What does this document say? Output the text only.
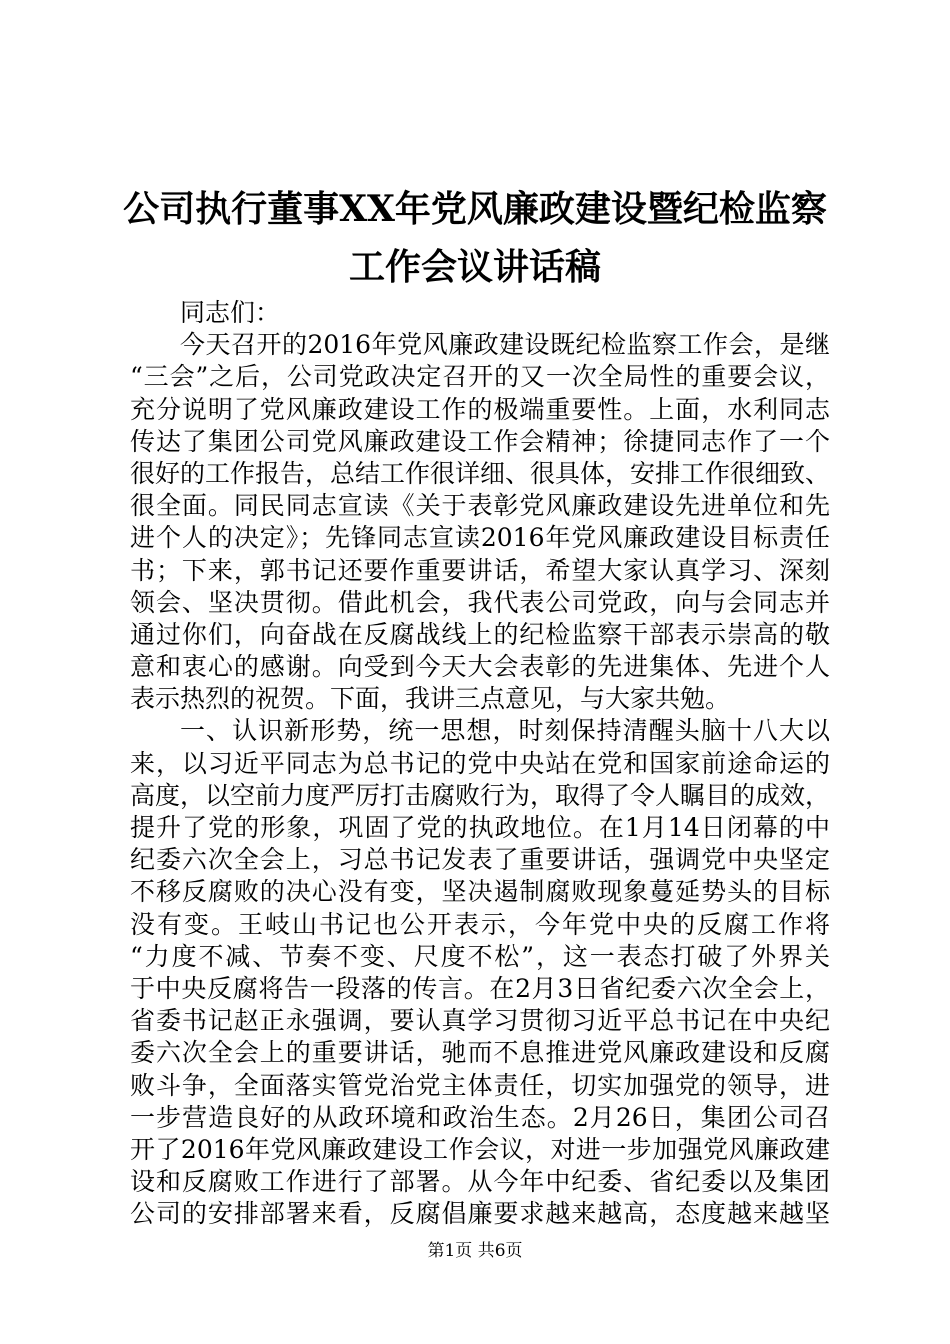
公司执行董事XX年党风廉政建设暨纪检监察
工作会议讲话稿
同志们：
今天召开的2016年党风廉政建设既纪检监察工作会，是继
“三会”之后，公司党政决定召开的又一次全局性的重要会议，
充分说明了党风廉政建设工作的极端重要性。上面，水利同志
传达了集团公司党风廉政建设工作会精神；徐捷同志作了一个
很好的工作报告，总结工作很详细、很具体，安排工作很细致、
很全面。同民同志宣读《关于表彰党风廉政建设先进单位和先
进个人的决定》；先锋同志宣读2016年党风廉政建设目标责任
书；下来，郭书记还要作重要讲话，希望大家认真学习、深刻
领会、坚决贯彻。借此机会，我代表公司党政，向与会同志并
通过你们，向奋战在反腐战线上的纪检监察干部表示崇高的敬
意和衷心的感谢。向受到今天大会表彰的先进集体、先进个人
表示热烈的祝贺。下面，我讲三点意见，与大家共勉。
一、认识新形势，统一思想，时刻保持清醒头脑十八大以
来，以习近平同志为总书记的党中央站在党和国家前途命运的
高度，以空前力度严厉打击腐败行为，取得了令人瞩目的成效，
提升了党的形象，巩固了党的执政地位。在1月14日闭幕的中
纪委六次全会上，习总书记发表了重要讲话，强调党中央坚定
不移反腐败的决心没有变，坚决遏制腐败现象蔓延势头的目标
没有变。王岐山书记也公开表示，今年党中央的反腐工作将
“力度不减、节奏不变、尺度不松”，这一表态打破了外界关
于中央反腐将告一段落的传言。在2月3日省纪委六次全会上，
省委书记赵正永强调，要认真学习贯彻习近平总书记在中央纪
委六次全会上的重要讲话，驰而不息推进党风廉政建设和反腐
败斗争，全面落实管党治党主体责任，切实加强党的领导，进
一步营造良好的从政环境和政治生态。2月26日，集团公司召
开了2016年党风廉政建设工作会议，对进一步加强党风廉政建
设和反腐败工作进行了部署。从今年中纪委、省纪委以及集团
公司的安排部署来看，反腐倡廉要求越来越高，态度越来越坚
第1页 共6页
